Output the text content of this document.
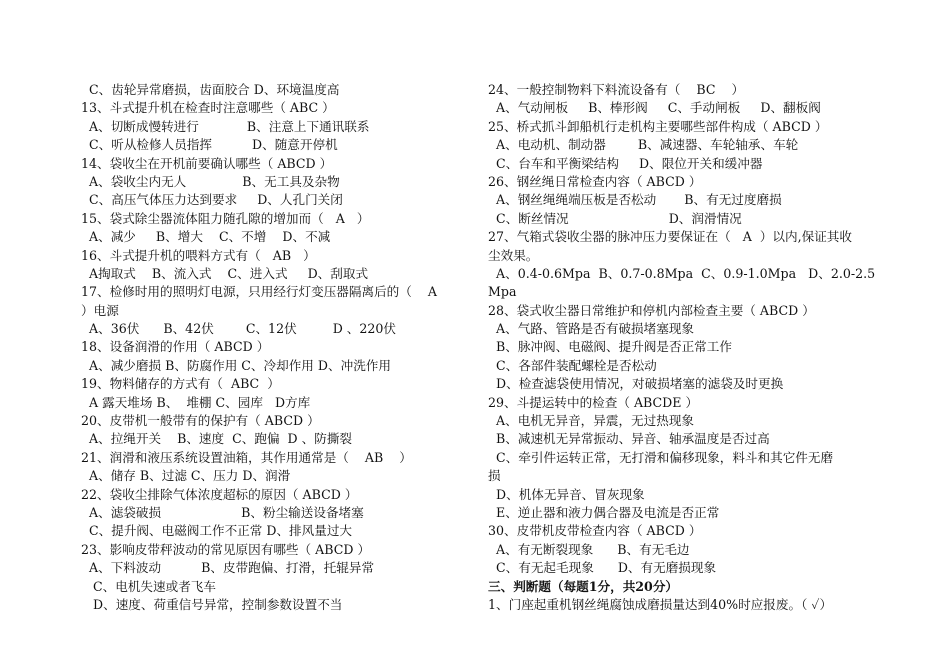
C、齿轮异常磨损，齿面胶合 D、环境温度高
13、斗式提升机在检查时注意哪些（ ABC ）
A、切断成慢转进行            B、注意上下通讯联系
C、听从检修人员指挥          D、随意开停机
14、袋收尘在开机前要确认哪些（ ABCD ）
A、袋收尘内无人              B、无工具及杂物
C、高压气体压力达到要求     D、人孔门关闭
15、袋式除尘器流体阻力随孔隙的增加而（   A   ）
A、减少     B、增大    C、不增    D、不减
16、斗式提升机的喂料方式有（   AB   ）
A掏取式    B、流入式    C、进入式     D、刮取式
17、检修时用的照明灯电源，只用经行灯变压器隔离后的（    A
）电源
A、36伏      B、42伏        C、12伏         D 、220伏
18、设备润滑的作用（ ABCD ）
A、减少磨损 B、防腐作用 C、冷却作用 D、冲洗作用
19、物料储存的方式有（  ABC  ）
A 露天堆场 B、  堆棚 C、园库   D方库
20、皮带机一般带有的保护有（ ABCD ）
A、拉绳开关    B、速度  C、跑偏  D 、防撕裂
21、润滑和液压系统设置油箱，其作用通常是（    AB    ）
A、储存 B、过滤 C、压力 D、润滑
22、袋收尘排除气体浓度超标的原因（ ABCD ）
A、滤袋破损                    B、粉尘输送设备堵塞
C、提升阀、电磁阀工作不正常 D、排风量过大
23、影响皮带秤波动的常见原因有哪些（ ABCD ）
A、下料波动          B、皮带跑偏、打滑，托辊异常
C、电机失速或者飞车
D、速度、荷重信号异常，控制参数设置不当
24、一般控制物料下料流设备有（    BC    ）
A、气动闸板     B、棒形阀     C、手动闸板     D、翻板阀
25、桥式抓斗卸船机行走机构主要哪些部件构成（ ABCD ）
A、电动机、制动器        B、减速器、车轮轴承、车轮
C、台车和平衡梁结构     D、限位开关和缓冲器
26、钢丝绳日常检查内容（ ABCD ）
A、钢丝绳绳端压板是否松动       B、有无过度磨损
C、断丝情况                         D、润滑情况
27、气箱式袋收尘器的脉冲压力要保证在（   A  ）以内,保证其收
尘效果。
A、0.4-0.6Mpa  B、0.7-0.8Mpa  C、0.9-1.0Mpa   D、2.0-2.5
Mpa
28、袋式收尘器日常维护和停机内部检查主要（ ABCD ）
A、气路、管路是否有破损堵塞现象
B、脉冲阀、电磁阀、提升阀是否正常工作
C、各部件装配螺栓是否松动
D、检查滤袋使用情况，对破损堵塞的滤袋及时更换
29、斗提运转中的检查（ ABCDE ）
A、电机无异音，异震，无过热现象
B、减速机无异常振动、异音、轴承温度是否过高
C、牵引件运转正常，无打滑和偏移现象，料斗和其它件无磨
损
D、机体无异音、冒灰现象
E、逆止器和液力偶合器及电流是否正常
30、皮带机皮带检查内容（ ABCD ）
A、有无断裂现象      B、有无毛边
C、有无起毛现象      D、有无磨损现象
三、判断题（每题1分，共20分）
1、门座起重机钢丝绳腐蚀成磨损量达到40%时应报废。（ ✓）
